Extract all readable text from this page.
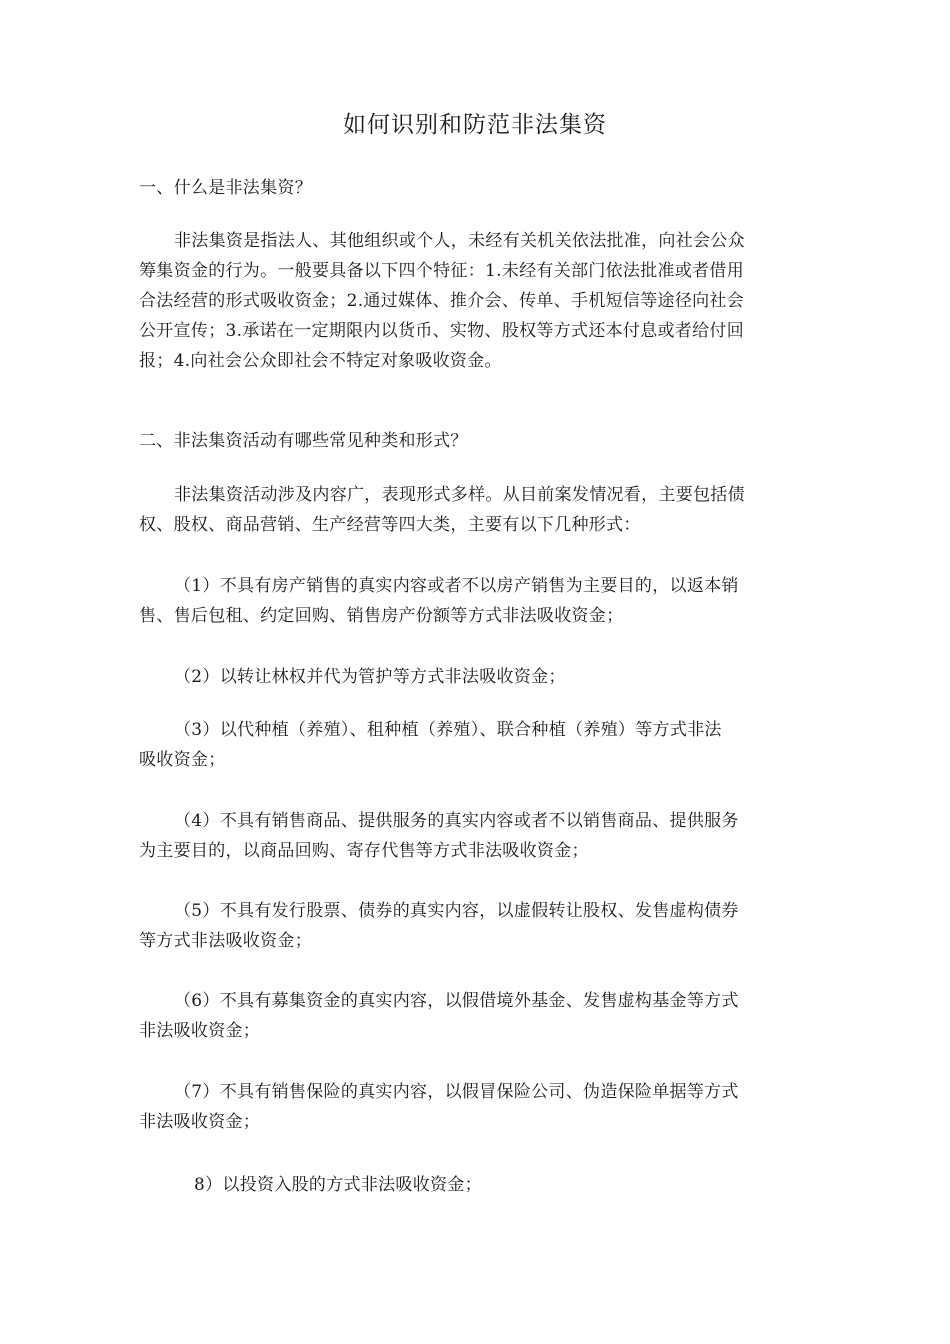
如何识别和防范非法集资

一、什么是非法集资？

非法集资是指法人、其他组织或个人，未经有关机关依法批准，向社会公众
筹集资金的行为。一般要具备以下四个特征：1.未经有关部门依法批准或者借用
合法经营的形式吸收资金；2.通过媒体、推介会、传单、手机短信等途径向社会
公开宣传；3.承诺在一定期限内以货币、实物、股权等方式还本付息或者给付回
报；4.向社会公众即社会不特定对象吸收资金。

二、非法集资活动有哪些常见种类和形式？

非法集资活动涉及内容广，表现形式多样。从目前案发情况看，主要包括债
权、股权、商品营销、生产经营等四大类，主要有以下几种形式：

（1）不具有房产销售的真实内容或者不以房产销售为主要目的，以返本销
售、售后包租、约定回购、销售房产份额等方式非法吸收资金；

（2）以转让林权并代为管护等方式非法吸收资金；

（3）以代种植（养殖）、租种植（养殖）、联合种植（养殖）等方式非法
吸收资金；

（4）不具有销售商品、提供服务的真实内容或者不以销售商品、提供服务
为主要目的，以商品回购、寄存代售等方式非法吸收资金；

（5）不具有发行股票、债券的真实内容，以虚假转让股权、发售虚构债券
等方式非法吸收资金；

（6）不具有募集资金的真实内容，以假借境外基金、发售虚构基金等方式
非法吸收资金；

（7）不具有销售保险的真实内容，以假冒保险公司、伪造保险单据等方式
非法吸收资金；

8）以投资入股的方式非法吸收资金；
